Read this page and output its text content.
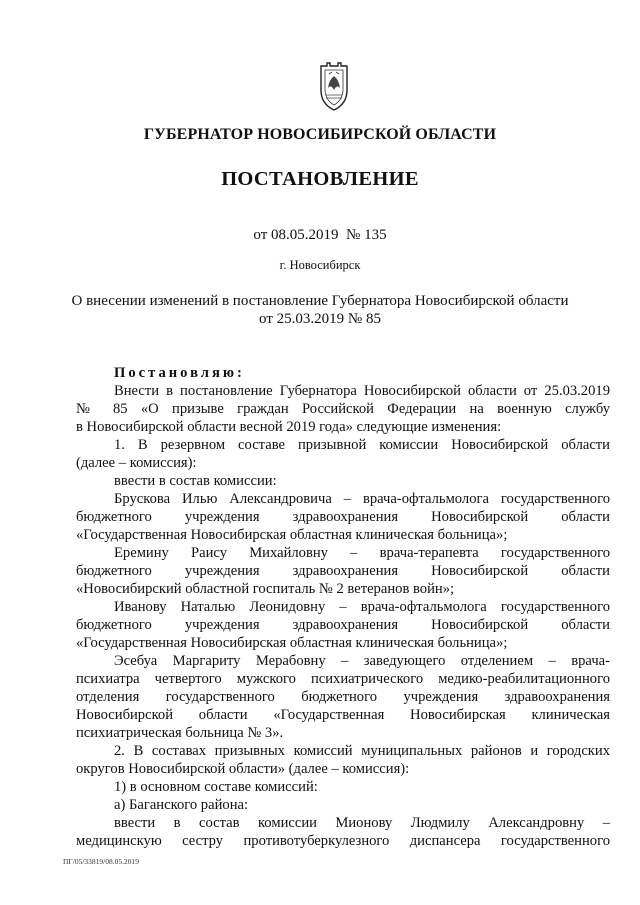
ГУБЕРНАТОР НОВОСИБИРСКОЙ ОБЛАСТИ
ПОСТАНОВЛЕНИЕ
от 08.05.2019  № 135
г. Новосибирск
О внесении изменений в постановление Губернатора Новосибирской области
от 25.03.2019 № 85

Постановляю:

Внести в постановление Губернатора Новосибирской области от 25.03.2019

№ 85 «О призыве граждан Российской Федерации на военную службу

в Новосибирской области весной 2019 года» следующие изменения:

1. В резервном составе призывной комиссии Новосибирской области

(далее – комиссия):

ввести в состав комиссии:

Брускова Илью Александровича – врача-офтальмолога государственного

бюджетного учреждения здравоохранения Новосибирской области

«Государственная Новосибирская областная клиническая больница»;

Еремину Раису Михайловну – врача-терапевта государственного

бюджетного учреждения здравоохранения Новосибирской области

«Новосибирский областной госпиталь № 2 ветеранов войн»;

Иванову Наталью Леонидовну – врача-офтальмолога государственного

бюджетного учреждения здравоохранения Новосибирской области

«Государственная Новосибирская областная клиническая больница»;

Эсебуа Маргариту Мерабовну – заведующего отделением – врача-

психиатра четвертого мужского психиатрического медико-реабилитационного

отделения государственного бюджетного учреждения здравоохранения

Новосибирской области «Государственная Новосибирская клиническая

психиатрическая больница № 3».

2. В составах призывных комиссий муниципальных районов и городских

округов Новосибирской области» (далее – комиссия):

1) в основном составе комиссий:

а) Баганского района:

ввести в состав комиссии Мионову Людмилу Александровну –

медицинскую сестру противотуберкулезного диспансера государственного

ПГ/05/33819/08.05.2019
